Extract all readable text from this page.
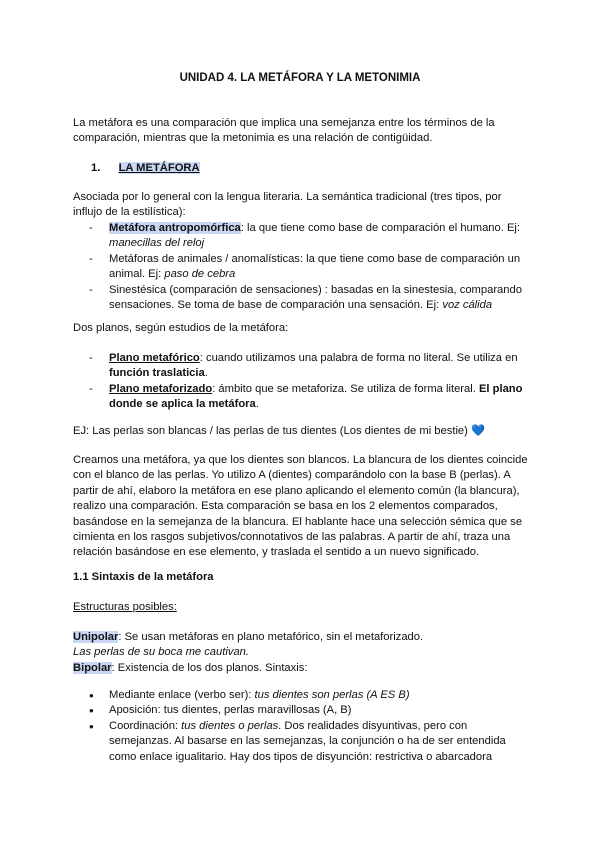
UNIDAD 4. LA METÁFORA Y LA METONIMIA
La metáfora es una comparación que implica una semejanza entre los términos de la comparación, mientras que la metonimia es una relación de contigüidad.
1. LA METÁFORA
Asociada por lo general con la lengua literaria. La semántica tradicional (tres tipos, por influjo de la estilística):
- Metáfora antropomórfica: la que tiene como base de comparación el humano. Ej:
manecillas del reloj
- Metáforas de animales / anomalísticas: la que tiene como base de comparación un animal. Ej: paso de cebra
- Sinestésica (comparación de sensaciones) : basadas en la sinestesia, comparando sensaciones. Se toma de base de comparación una sensación. Ej: voz cálida
Dos planos, según estudios de la metáfora:
- Plano metafórico: cuando utilizamos una palabra de forma no literal. Se utiliza en función traslaticia.
- Plano metaforizado: ámbito que se metaforiza. Se utiliza de forma literal. El plano donde se aplica la metáfora.
EJ: Las perlas son blancas / las perlas de tus dientes (Los dientes de mi bestie) 💙
Creamos una metáfora, ya que los dientes son blancos. La blancura de los dientes coincide con el blanco de las perlas. Yo utilizo A (dientes) comparándolo con la base B (perlas). A partir de ahí, elaboro la metáfora en ese plano aplicando el elemento común (la blancura), realizo una comparación. Esta comparación se basa en los 2 elementos comparados, basándose en la semejanza de la blancura. El hablante hace una selección sémica que se cimienta en los rasgos subjetivos/connotativos de las palabras. A partir de ahí, traza una relación basándose en ese elemento, y traslada el sentido a un nuevo significado.
1.1 Sintaxis de la metáfora
Estructuras posibles:
Unipolar: Se usan metáforas en plano metafórico, sin el metaforizado.
Las perlas de su boca me cautivan.
Bipolar: Existencia de los dos planos. Sintaxis:
● Mediante enlace (verbo ser): tus dientes son perlas (A ES B)
● Aposición: tus dientes, perlas maravillosas (A, B)
● Coordinación: tus dientes o perlas. Dos realidades disyuntivas, pero con semejanzas. Al basarse en las semejanzas, la conjunción o ha de ser entendida como enlace igualitario. Hay dos tipos de disyunción: restrictiva o abarcadora
